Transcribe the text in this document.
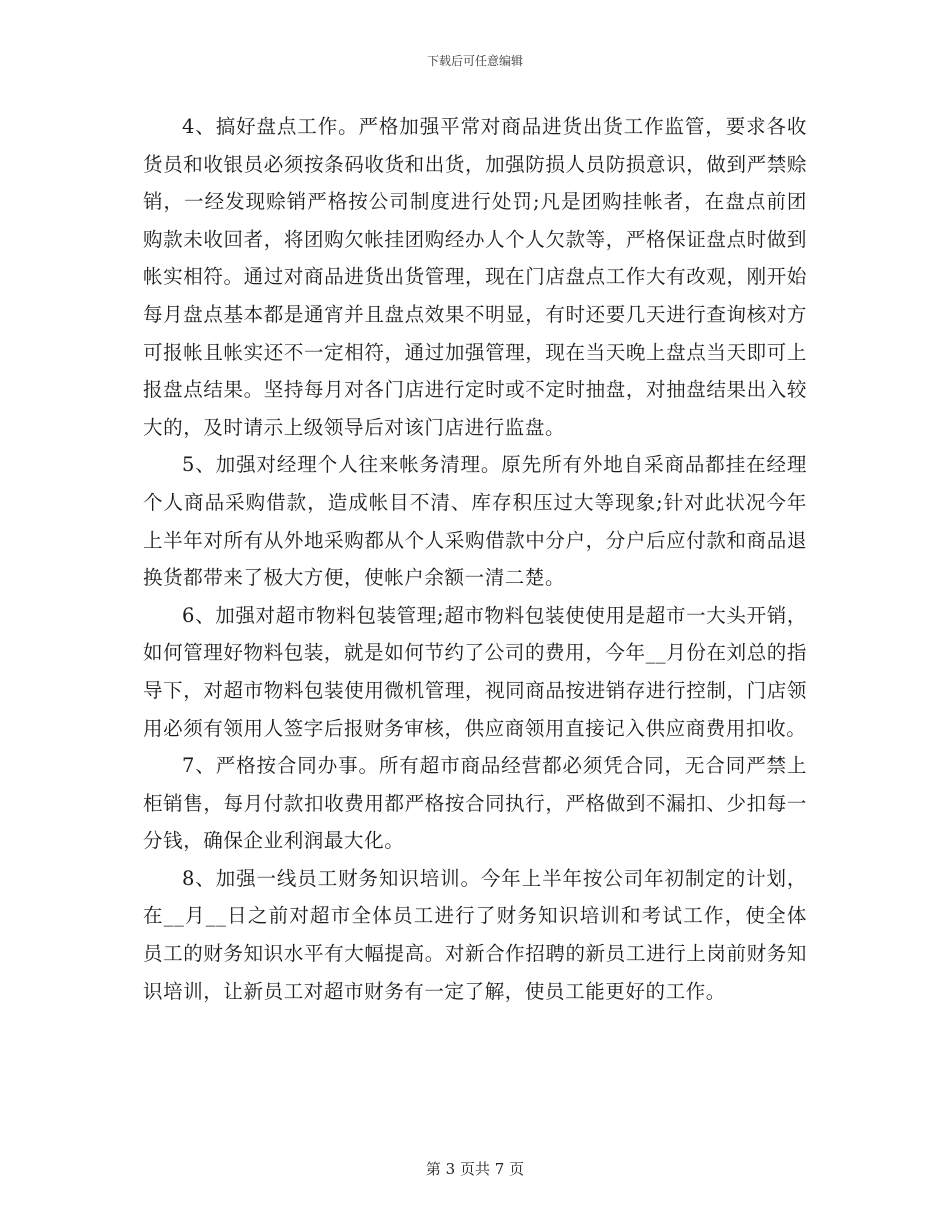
下载后可任意编辑

4、搞好盘点工作。严格加强平常对商品进货出货工作监管，要求各收货员和收银员必须按条码收货和出货，加强防损人员防损意识，做到严禁赊销，一经发现赊销严格按公司制度进行处罚;凡是团购挂帐者，在盘点前团购款未收回者，将团购欠帐挂团购经办人个人欠款等，严格保证盘点时做到帐实相符。通过对商品进货出货管理，现在门店盘点工作大有改观，刚开始每月盘点基本都是通宵并且盘点效果不明显，有时还要几天进行查询核对方可报帐且帐实还不一定相符，通过加强管理，现在当天晚上盘点当天即可上报盘点结果。坚持每月对各门店进行定时或不定时抽盘，对抽盘结果出入较大的，及时请示上级领导后对该门店进行监盘。

5、加强对经理个人往来帐务清理。原先所有外地自采商品都挂在经理个人商品采购借款，造成帐目不清、库存积压过大等现象;针对此状况今年上半年对所有从外地采购都从个人采购借款中分户，分户后应付款和商品退换货都带来了极大方便，使帐户余额一清二楚。

6、加强对超市物料包装管理;超市物料包装使使用是超市一大头开销，如何管理好物料包装，就是如何节约了公司的费用，今年__月份在刘总的指导下，对超市物料包装使用微机管理，视同商品按进销存进行控制，门店领用必须有领用人签字后报财务审核，供应商领用直接记入供应商费用扣收。

7、严格按合同办事。所有超市商品经营都必须凭合同，无合同严禁上柜销售，每月付款扣收费用都严格按合同执行，严格做到不漏扣、少扣每一分钱，确保企业利润最大化。

8、加强一线员工财务知识培训。今年上半年按公司年初制定的计划，在__月__日之前对超市全体员工进行了财务知识培训和考试工作，使全体员工的财务知识水平有大幅提高。对新合作招聘的新员工进行上岗前财务知识培训，让新员工对超市财务有一定了解，使员工能更好的工作。

第 3 页共 7 页
